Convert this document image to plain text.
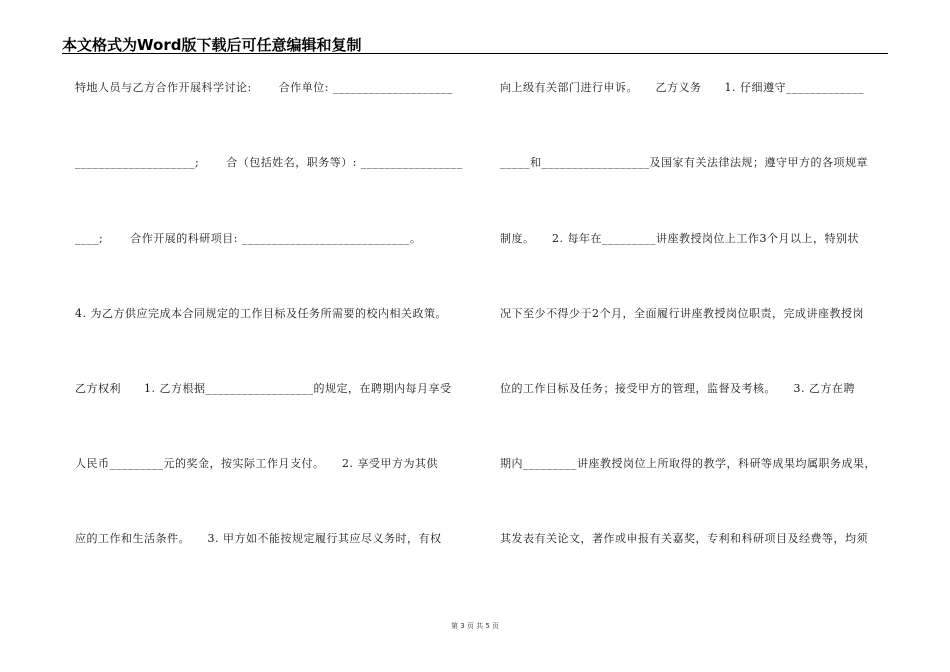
本文格式为Word版下载后可任意编辑和复制
特地人员与乙方合作开展科学讨论:　　 合作单位: ____________________
____________________;　　 合（包括姓名，职务等）: _________________
____;　　 合作开展的科研项目: ____________________________。
4. 为乙方供应完成本合同规定的工作目标及任务所需要的校内相关政策。
乙方权利　　1. 乙方根据__________________的规定，在聘期内每月享受
人民币_________元的奖金，按实际工作月支付。　　2. 享受甲方为其供
应的工作和生活条件。　　3. 甲方如不能按规定履行其应尽义务时，有权
向上级有关部门进行申诉。　　乙方义务　　1. 仔细遵守_____________
_____和__________________及国家有关法律法规；遵守甲方的各项规章
制度。　　2. 每年在_________讲座教授岗位上工作3个月以上，特别状
况下至少不得少于2个月，全面履行讲座教授岗位职责，完成讲座教授岗
位的工作目标及任务；接受甲方的管理，监督及考核。　　3. 乙方在聘
期内_________讲座教授岗位上所取得的教学，科研等成果均属职务成果，
其发表有关论文，著作或申报有关嘉奖，专利和科研项目及经费等，均须
第 3 页 共 5 页
